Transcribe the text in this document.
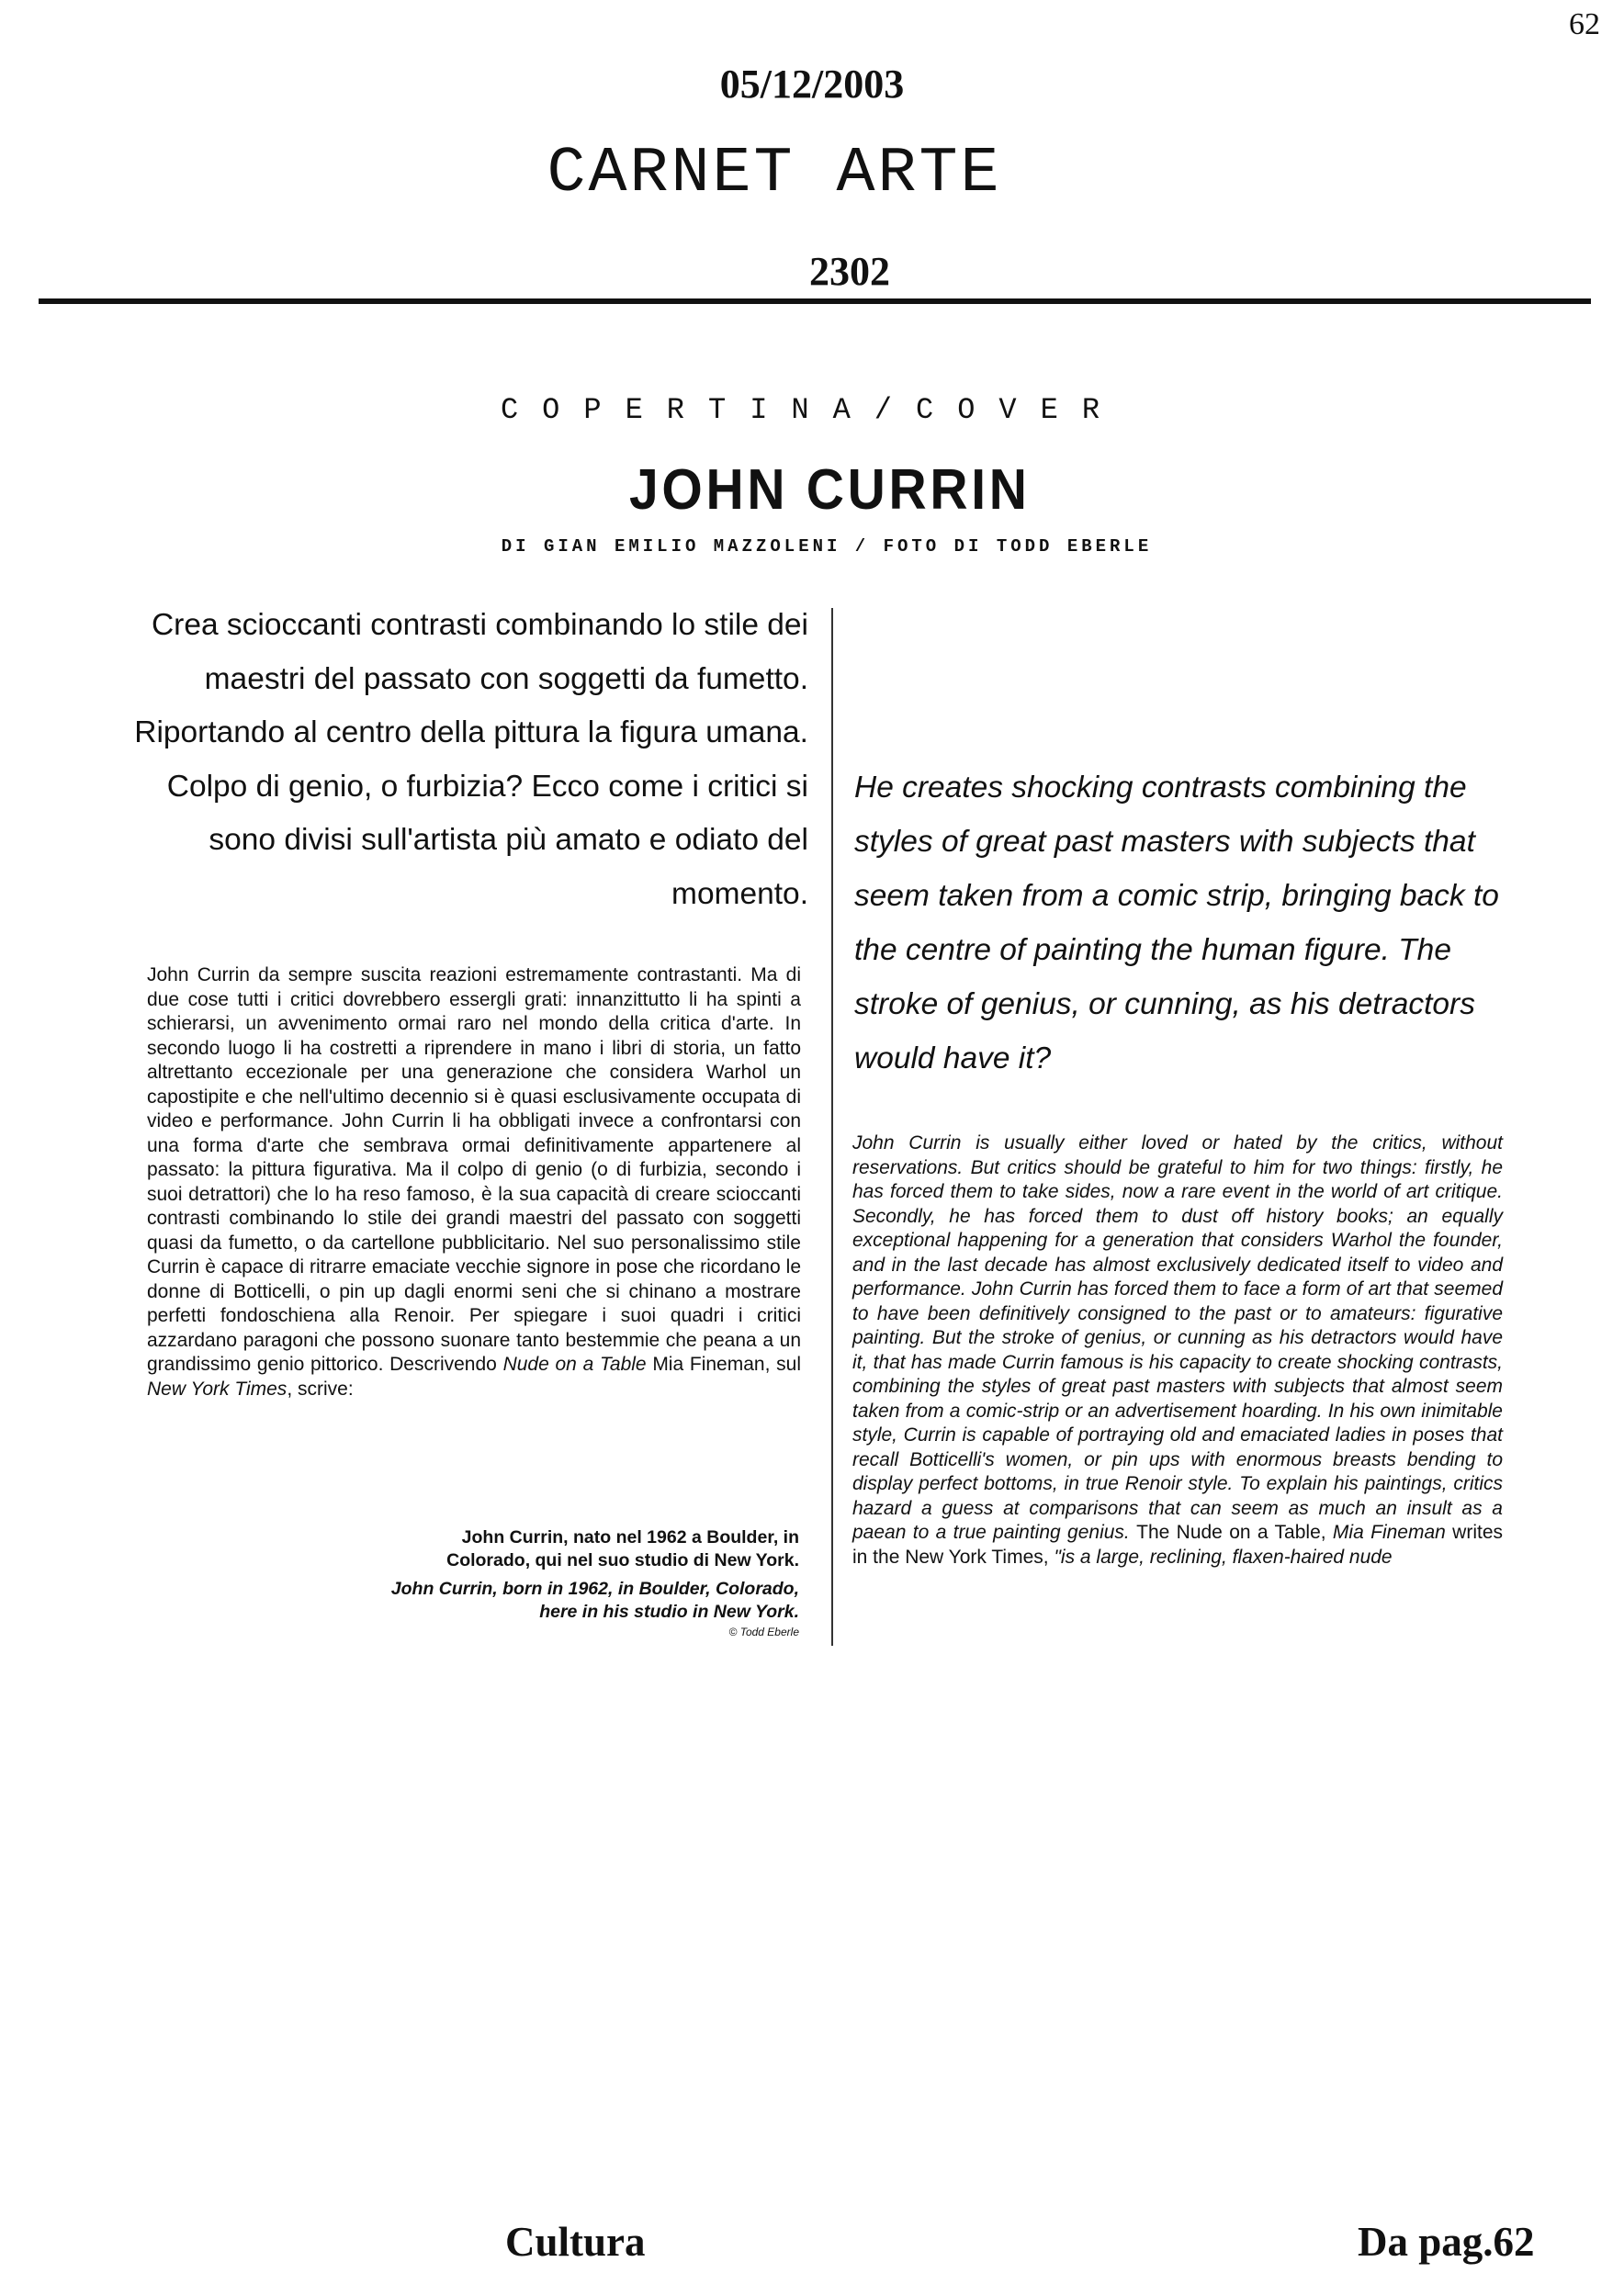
62
05/12/2003
CARNET ARTE
2302
COPERTINA/COVER
JOHN CURRIN
DI GIAN EMILIO MAZZOLENI / FOTO DI TODD EBERLE
Crea scioccanti contrasti combinando lo stile dei maestri del passato con soggetti da fumetto. Riportando al centro della pittura la figura umana. Colpo di genio, o furbizia? Ecco come i critici si sono divisi sull'artista più amato e odiato del momento.
He creates shocking contrasts combining the styles of great past masters with subjects that seem taken from a comic strip, bringing back to the centre of painting the human figure. The stroke of genius, or cunning, as his detractors would have it?
John Currin da sempre suscita reazioni estremamente contrastanti. Ma di due cose tutti i critici dovrebbero essergli grati: innanzittutto li ha spinti a schierarsi, un avvenimento ormai raro nel mondo della critica d'arte. In secondo luogo li ha costretti a riprendere in mano i libri di storia, un fatto altrettanto eccezionale per una generazione che considera Warhol un capostipite e che nell'ultimo decennio si è quasi esclusivamente occupata di video e performance. John Currin li ha obbligati invece a confrontarsi con una forma d'arte che sembrava ormai definitivamente appartenere al passato: la pittura figurativa. Ma il colpo di genio (o di furbizia, secondo i suoi detrattori) che lo ha reso famoso, è la sua capacità di creare scioccanti contrasti combinando lo stile dei grandi maestri del passato con soggetti quasi da fumetto, o da cartellone pubblicitario. Nel suo personalissimo stile Currin è capace di ritrarre emaciate vecchie signore in pose che ricordano le donne di Botticelli, o pin up dagli enormi seni che si chinano a mostrare perfetti fondoschiena alla Renoir. Per spiegare i suoi quadri i critici azzardano paragoni che possono suonare tanto bestemmie che peana a un grandissimo genio pittorico. Descrivendo Nude on a Table Mia Fineman, sul New York Times, scrive:
John Currin is usually either loved or hated by the critics, without reservations. But critics should be grateful to him for two things: firstly, he has forced them to take sides, now a rare event in the world of art critique. Secondly, he has forced them to dust off history books; an equally exceptional happening for a generation that considers Warhol the founder, and in the last decade has almost exclusively dedicated itself to video and performance. John Currin has forced them to face a form of art that seemed to have been definitively consigned to the past or to amateurs: figurative painting. But the stroke of genius, or cunning as his detractors would have it, that has made Currin famous is his capacity to create shocking contrasts, combining the styles of great past masters with subjects that almost seem taken from a comic-strip or an advertisement hoarding. In his own inimitable style, Currin is capable of portraying old and emaciated ladies in poses that recall Botticelli's women, or pin ups with enormous breasts bending to display perfect bottoms, in true Renoir style. To explain his paintings, critics hazard a guess at comparisons that can seem as much an insult as a paean to a true painting genius. The Nude on a Table, Mia Fineman writes in the New York Times, "is a large, reclining, flaxen-haired nude
John Currin, nato nel 1962 a Boulder, in Colorado, qui nel suo studio di New York.
John Currin, born in 1962, in Boulder, Colorado, here in his studio in New York.
© Todd Eberle
Cultura	Da pag.62
